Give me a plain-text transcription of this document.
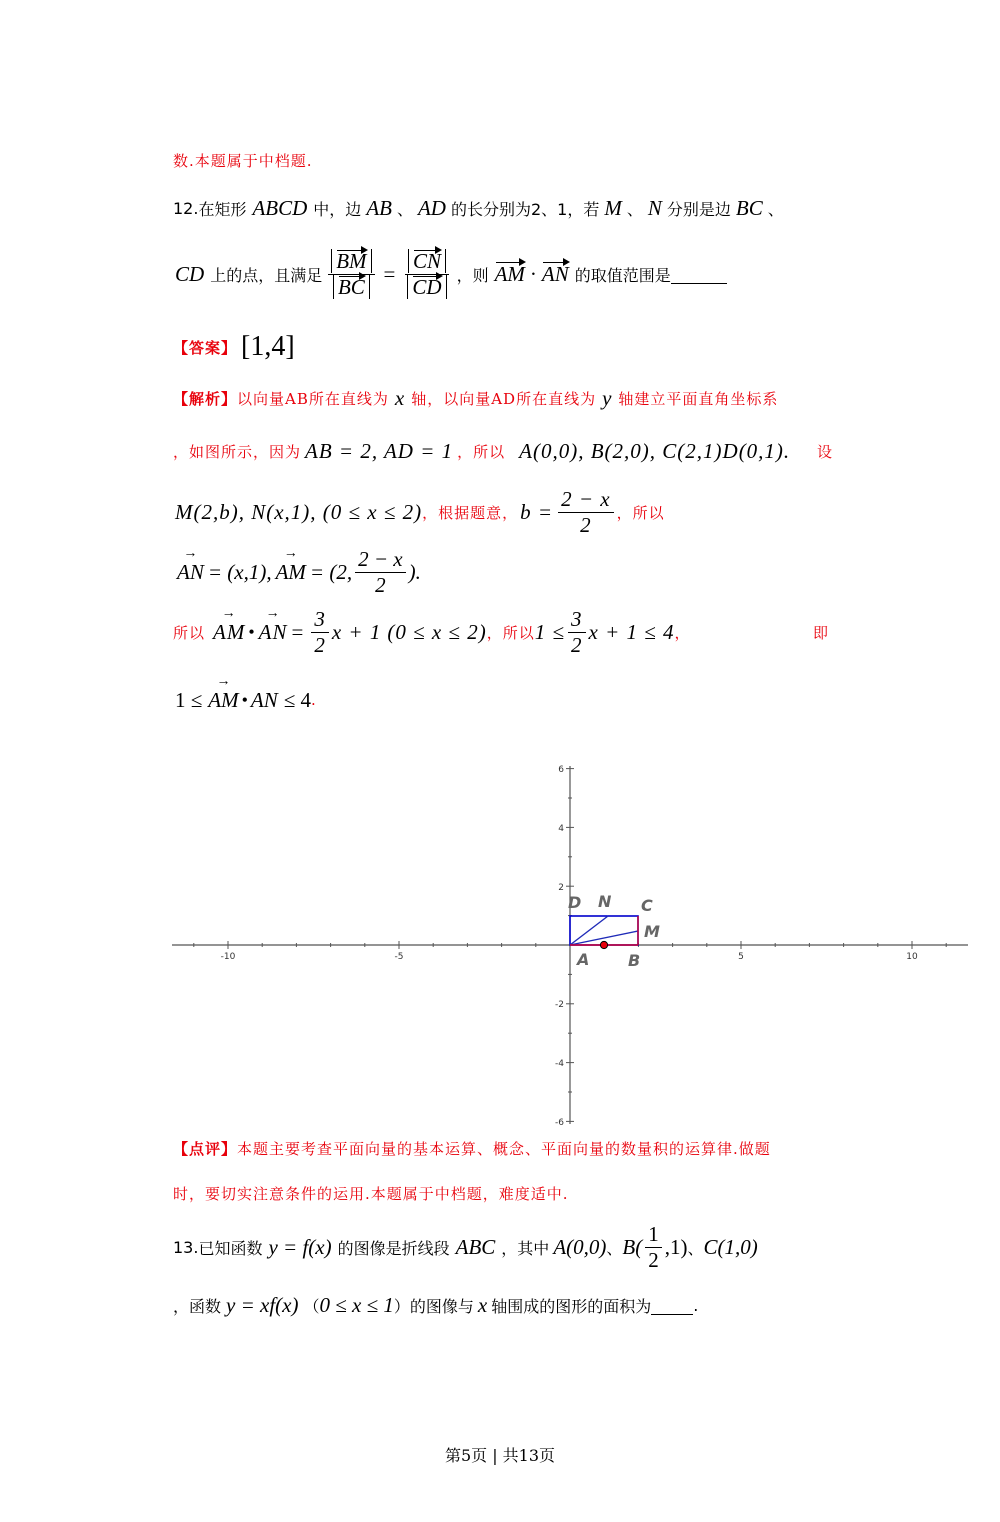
数.本题属于中档题.
12. 在矩形 ABCD 中，边 AB 、 AD 的长分别为2、1，若 M 、 N 分别是边 BC 、
CD 上的点，且满足 $\frac{BM}{BC} = \frac{CN}{CD}$ ，则 AM · AN 的取值范围是
【答案】 [1,4]
【解析】 以向量AB所在直线为 x 轴，以向量AD所在直线为 y 轴建立平面直角坐标系
，如图所示，因为 AB = 2, AD = 1 ，所以 A(0,0), B(2,0), C(2,1)D(0,1). 设
M(2,b), N(x,1), (0 ≤ x ≤ 2) ，根据题意， $b = \frac{2 - x}{2}$ ，所以
→ AN = (x,1), → AM = (2, $\frac{2 - x}{2}$ ).
所以 → AM • → AN = $\frac{3}{2}$ x + 1 (0 ≤ x ≤ 2) ，所以 $1 \le \frac{3}{2}$ x + 1 ≤ 4 ，	即
1 ≤ → AM • AN ≤ 4 .
-10	-5	5	10
6
4
2
-2
-4
-6
A B
C
D
M
N
【点评】 本题主要考查平面向量的基本运算、概念、平面向量的数量积的运算律.做题
时，要切实注意条件的运用.本题属于中档题，难度适中.
13. 已知函数 y = f(x) 的图像是折线段 ABC ，其中 A(0,0) 、 $B( \frac{1}{2} ,1)$ 、 C(1,0)
，函数 y = xf(x) （ 0 ≤ x ≤ 1 ）的图像与 x 轴围成的图形的面积为	.
第5页 | 共13页
